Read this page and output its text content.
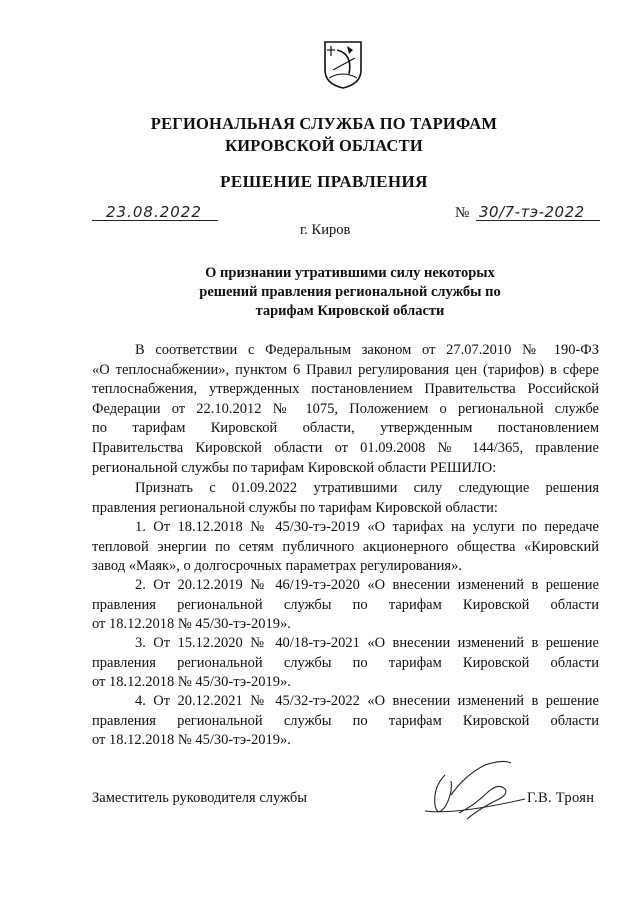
РЕГИОНАЛЬНАЯ СЛУЖБА ПО ТАРИФАМ
КИРОВСКОЙ ОБЛАСТИ
РЕШЕНИЕ ПРАВЛЕНИЯ
23.08.2022	№ 30/7-тэ-2022
г. Киров
О признании утратившими силу некоторых
решений правления региональной службы по
тарифам Кировской области
В соответствии с Федеральным законом от 27.07.2010 № 190-ФЗ
«О теплоснабжении», пунктом 6 Правил регулирования цен (тарифов) в сфере
теплоснабжения, утвержденных постановлением Правительства Российской
Федерации от 22.10.2012 № 1075, Положением о региональной службе
по тарифам Кировской области, утвержденным постановлением
Правительства Кировской области от 01.09.2008 № 144/365, правление
региональной службы по тарифам Кировской области РЕШИЛО:
Признать с 01.09.2022 утратившими силу следующие решения
правления региональной службы по тарифам Кировской области:
1. От 18.12.2018 № 45/30-тэ-2019 «О тарифах на услуги по передаче
тепловой энергии по сетям публичного акционерного общества «Кировский
завод «Маяк», о долгосрочных параметрах регулирования».
2. От 20.12.2019 № 46/19-тэ-2020 «О внесении изменений в решение
правления региональной службы по тарифам Кировской области
от 18.12.2018 № 45/30-тэ-2019».
3. От 15.12.2020 № 40/18-тэ-2021 «О внесении изменений в решение
правления региональной службы по тарифам Кировской области
от 18.12.2018 № 45/30-тэ-2019».
4. От 20.12.2021 № 45/32-тэ-2022 «О внесении изменений в решение
правления региональной службы по тарифам Кировской области
от 18.12.2018 № 45/30-тэ-2019».
Заместитель руководителя службы	Г.В. Троян
